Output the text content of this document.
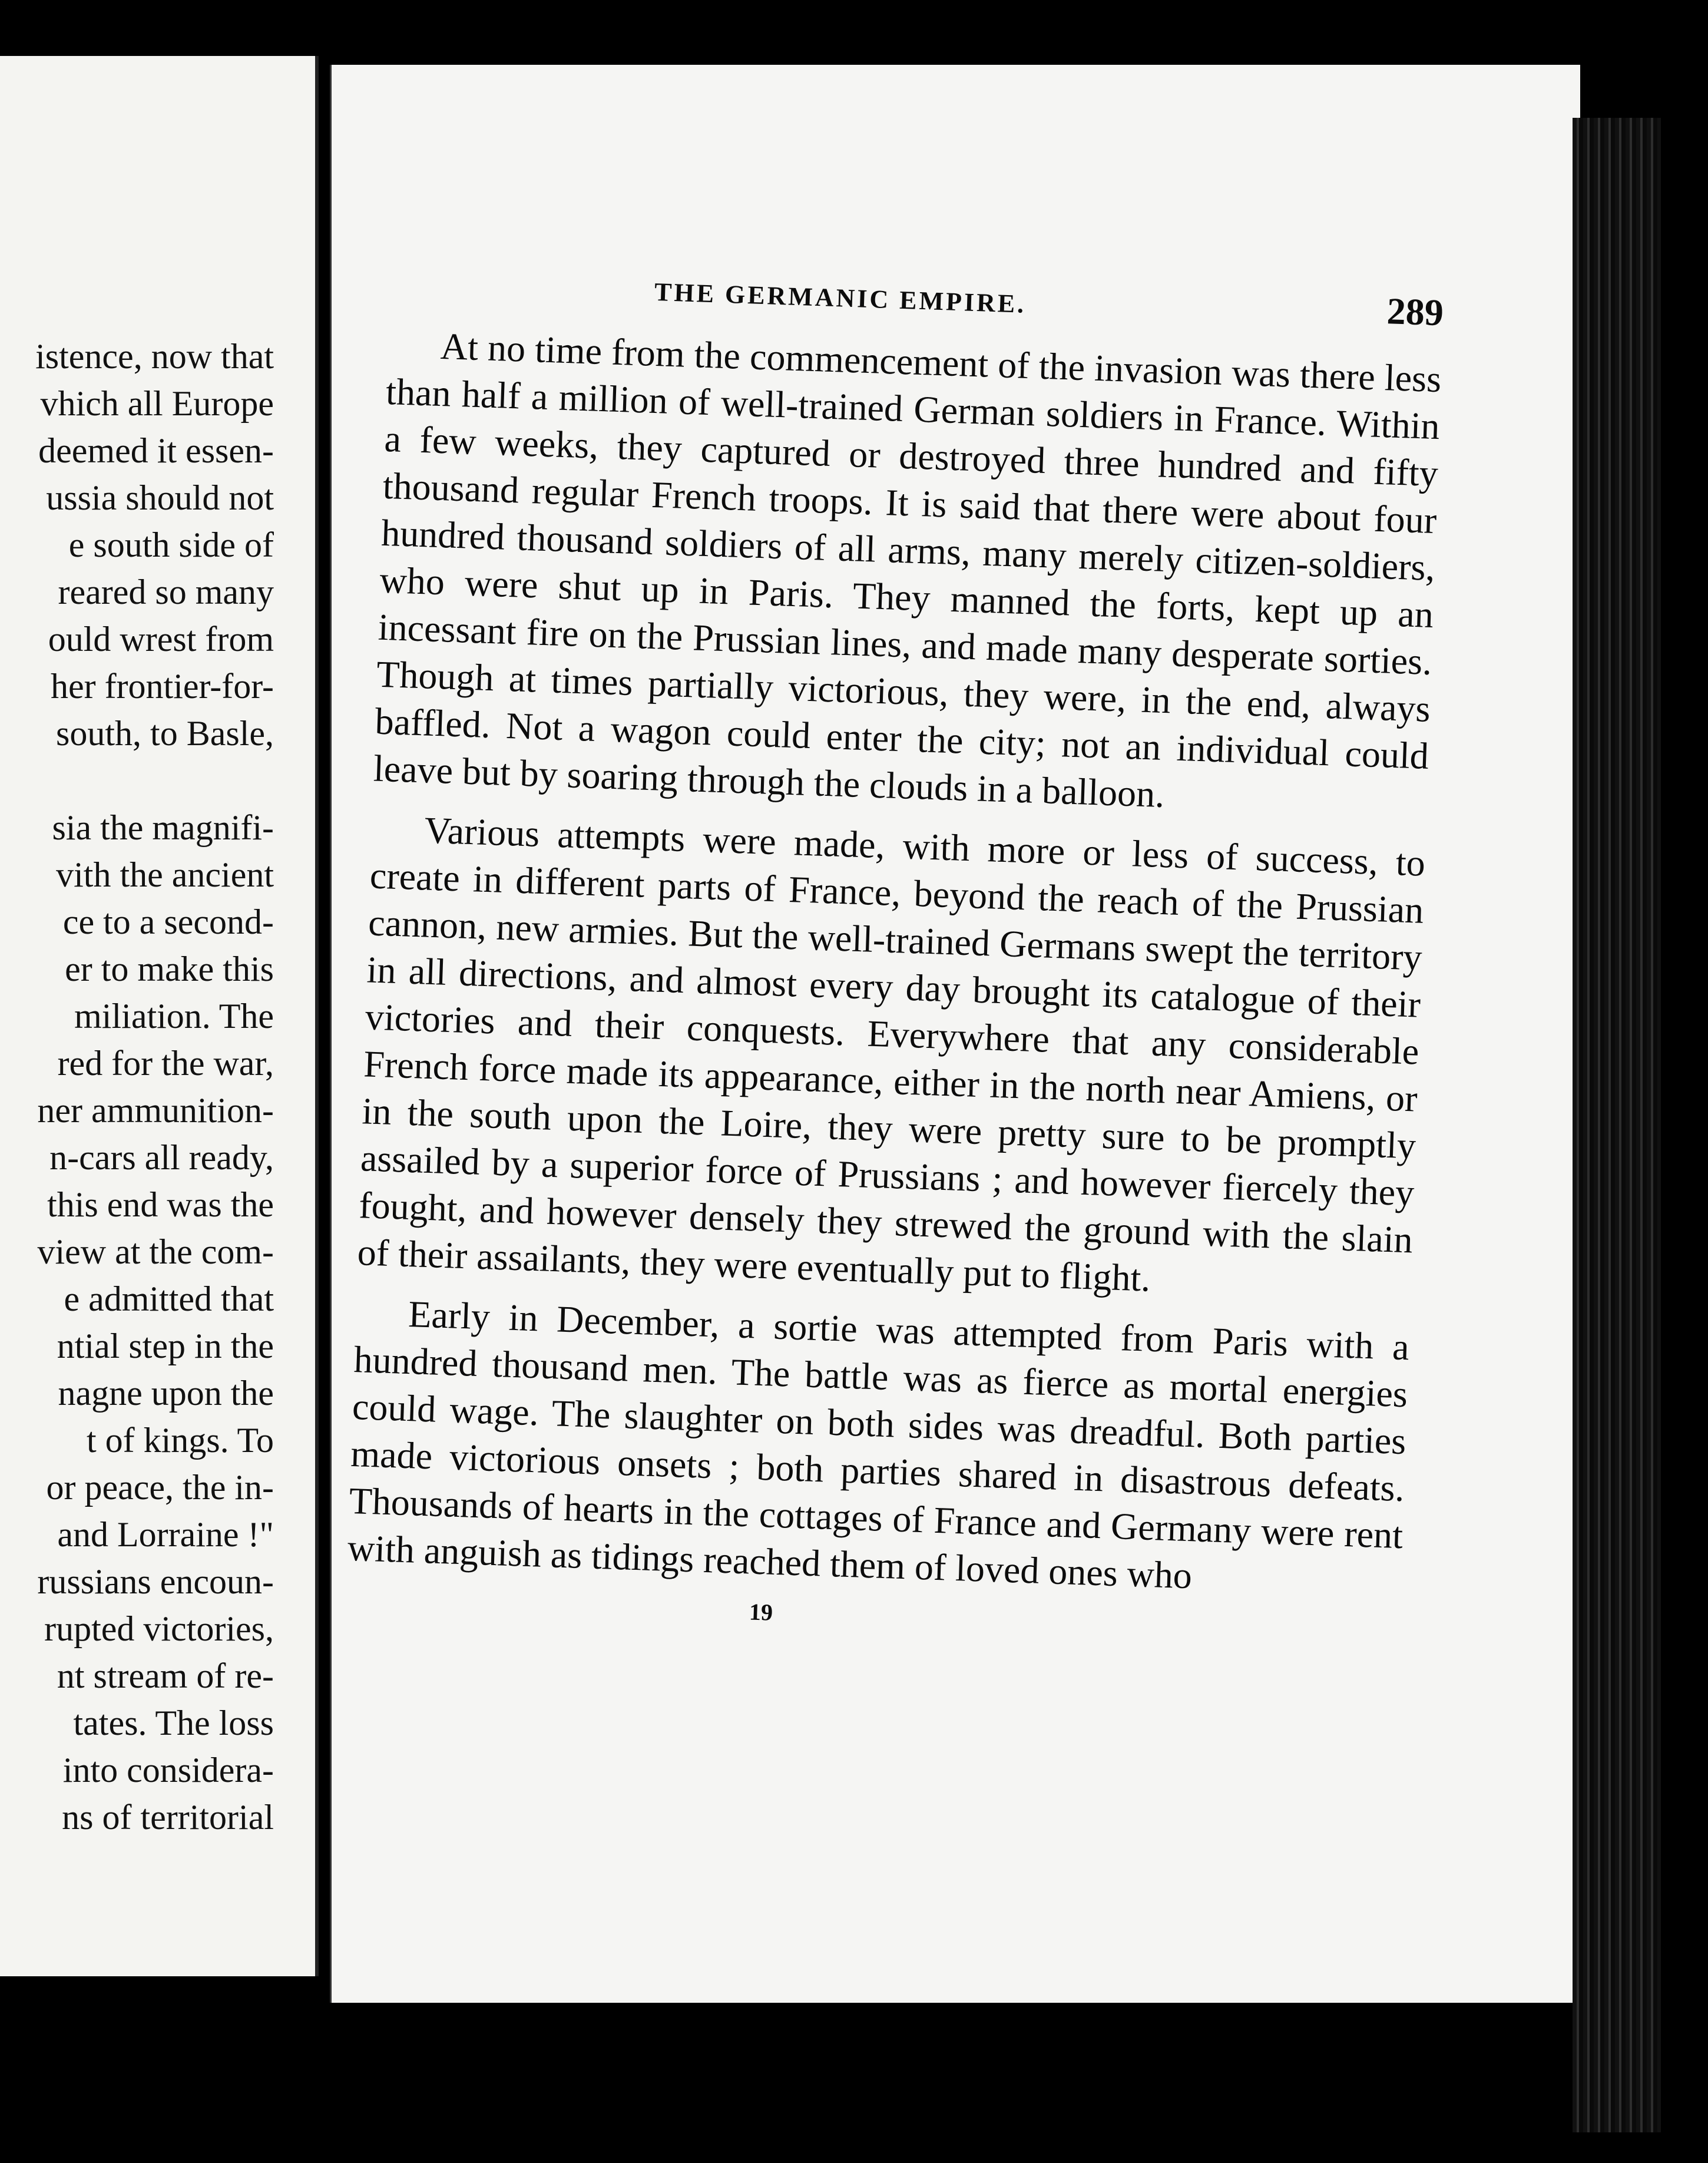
istence, now that
vhich all Europe
deemed it essen-
ussia should not
e south side of
reared so many
ould wrest from
her frontier-for-
south, to Basle,
sia the magnifi-
vith the ancient
ce to a second-
er to make this
miliation. The
red for the war,
ner ammunition-
n-cars all ready,
this end was the
view at the com-
e admitted that
ntial step in the
nagne upon the
t of kings. To
or peace, the in-
and Lorraine !"
russians encoun-
rupted victories,
nt stream of re-
tates. The loss
into considera-
ns of territorial
THE GERMANIC EMPIRE.	289

At no time from the commencement of the invasion was there less than half a million of well-trained German soldiers in France. Within a few weeks, they captured or destroyed three hundred and fifty thousand regular French troops. It is said that there were about four hundred thousand soldiers of all arms, many merely citizen-soldiers, who were shut up in Paris. They manned the forts, kept up an incessant fire on the Prussian lines, and made many desperate sorties. Though at times partially victorious, they were, in the end, always baffled. Not a wagon could enter the city; not an individual could leave but by soaring through the clouds in a balloon.

Various attempts were made, with more or less of success, to create in different parts of France, beyond the reach of the Prussian cannon, new armies. But the well-trained Germans swept the territory in all directions, and almost every day brought its catalogue of their victories and their conquests. Everywhere that any considerable French force made its appearance, either in the north near Amiens, or in the south upon the Loire, they were pretty sure to be promptly assailed by a superior force of Prussians ; and however fiercely they fought, and however densely they strewed the ground with the slain of their assailants, they were eventually put to flight.

Early in December, a sortie was attempted from Paris with a hundred thousand men. The battle was as fierce as mortal energies could wage. The slaughter on both sides was dreadful. Both parties made victorious onsets ; both parties shared in disastrous defeats. Thousands of hearts in the cottages of France and Germany were rent with anguish as tidings reached them of loved ones who

19
